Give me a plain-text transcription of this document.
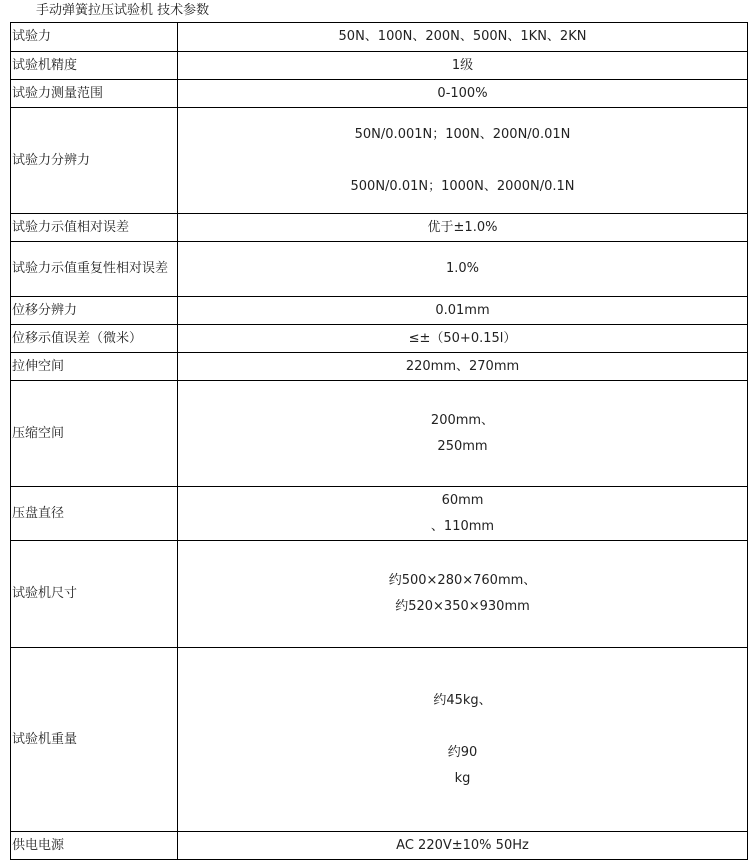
手动弹簧拉压试验机 技术参数
试验力	50N、100N、200N、500N、1KN、2KN

试验机精度	1级

试验力测量范围	0-100%

试验力分辨力	50N/0.001N；100N、200N/0.01N
500N/0.01N；1000N、2000N/0.1N

试验力示值相对误差	优于±1.0%

试验力示值重复性相对误差	1.0%

位移分辨力	0.01mm

位移示值误差（微米）	≤±（50+0.15l）

拉伸空间	220mm、270mm

压缩空间	200mm、
250mm

压盘直径	60mm
、110mm

试验机尺寸	约500×280×760mm、
约520×350×930mm

试验机重量	约45kg、
约90
kg

供电电源	AC 220V±10% 50Hz
